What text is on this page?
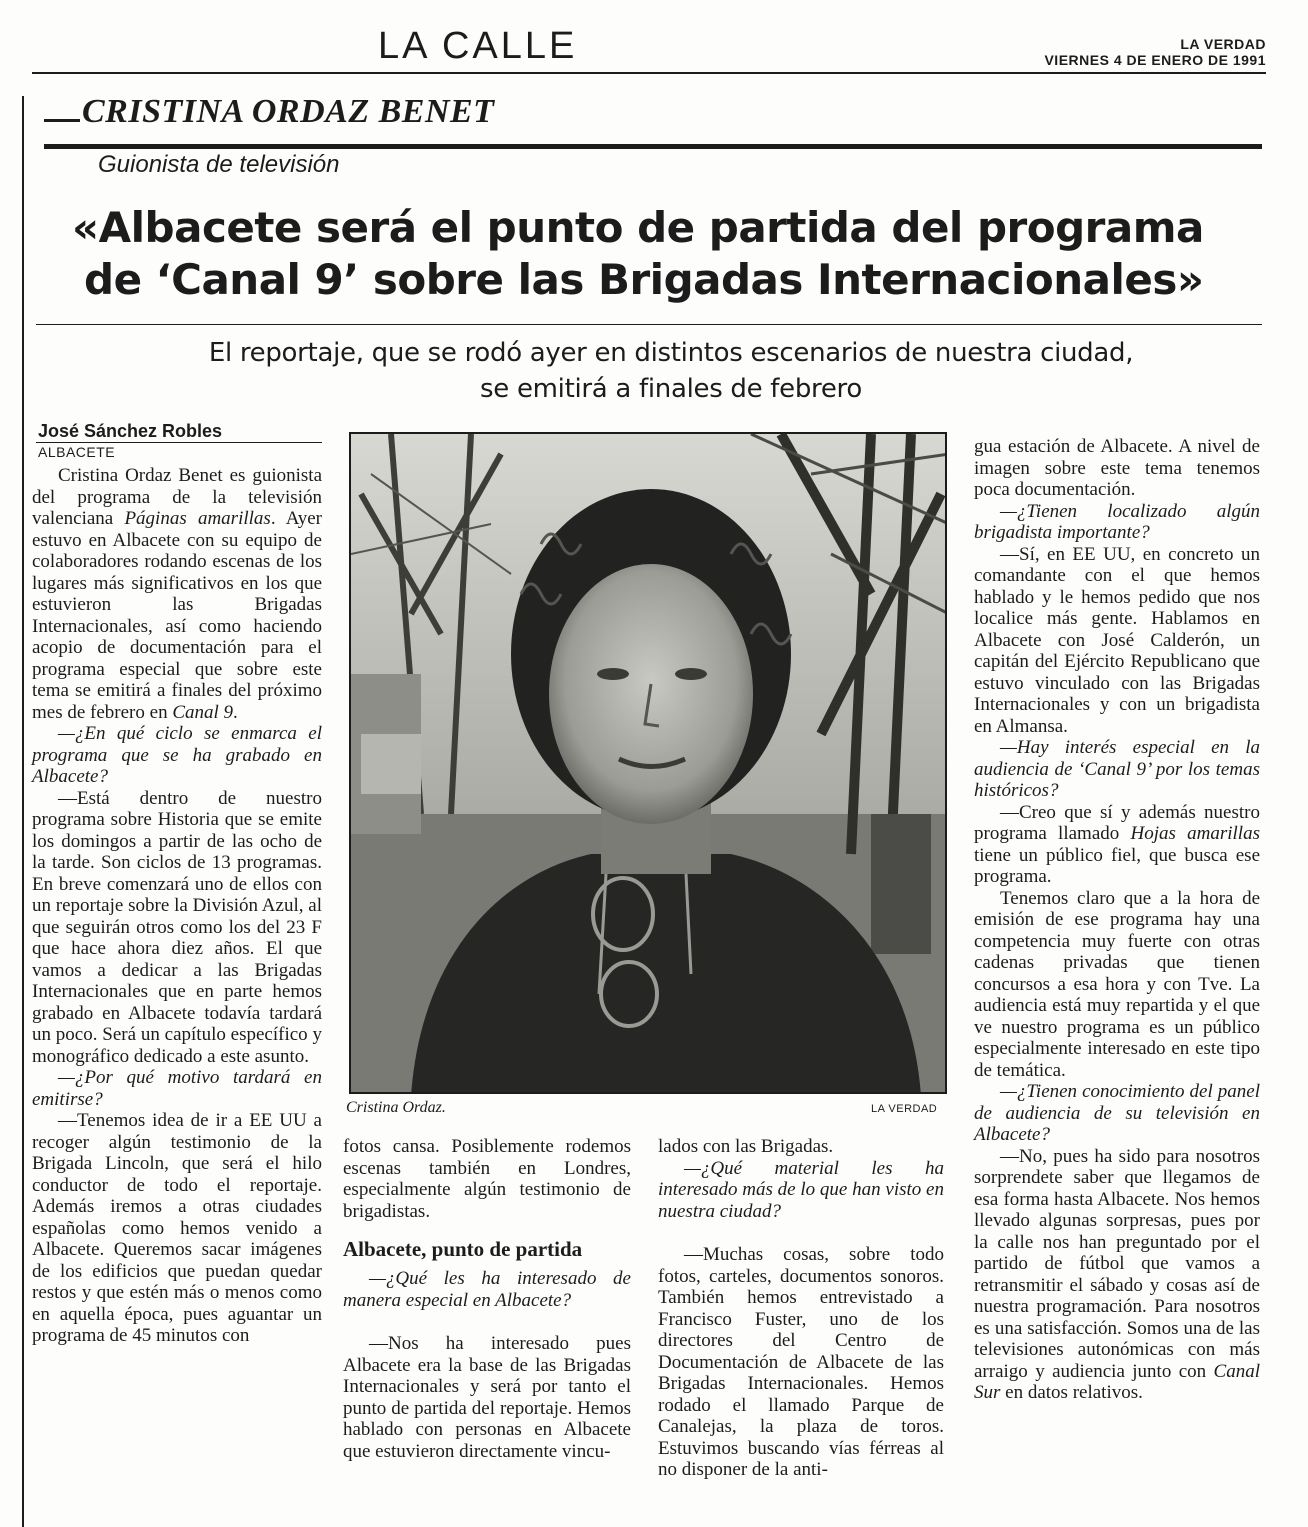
LA CALLE	LA VERDAD
VIERNES 4 DE ENERO DE 1991
CRISTINA ORDAZ BENET
Guionista de televisión
«Albacete será el punto de partida del programa
de ‘Canal 9’ sobre las Brigadas Internacionales»
El reportaje, que se rodó ayer en distintos escenarios de nuestra ciudad,
se emitirá a finales de febrero
José Sánchez Robles
ALBACETE

Cristina Ordaz Benet es guionista del programa de la televisión valenciana Páginas amarillas. Ayer estuvo en Albacete con su equipo de colaboradores rodando escenas de los lugares más significativos en los que estuvieron las Brigadas Internacionales, así como haciendo acopio de documentación para el programa especial que sobre este tema se emitirá a finales del próximo mes de febrero en Canal 9.

—¿En qué ciclo se enmarca el programa que se ha grabado en Albacete?

—Está dentro de nuestro programa sobre Historia que se emite los domingos a partir de las ocho de la tarde. Son ciclos de 13 programas. En breve comenzará uno de ellos con un reportaje sobre la División Azul, al que seguirán otros como los del 23 F que hace ahora diez años. El que vamos a dedicar a las Brigadas Internacionales que en parte hemos grabado en Albacete todavía tardará un poco. Será un capítulo específico y monográfico dedicado a este asunto.

—¿Por qué motivo tardará en emitirse?

—Tenemos idea de ir a EE UU a recoger algún testimonio de la Brigada Lincoln, que será el hilo conductor de todo el reportaje. Además iremos a otras ciudades españolas como hemos venido a Albacete. Queremos sacar imágenes de los edificios que puedan quedar restos y que estén más o menos como en aquella época, pues aguantar un programa de 45 minutos con

Cristina Ordaz.	LA VERDAD

fotos cansa. Posiblemente rodemos escenas también en Londres, especialmente algún testimonio de brigadistas.

Albacete, punto de partida

—¿Qué les ha interesado de manera especial en Albacete?

—Nos ha interesado pues Albacete era la base de las Brigadas Internacionales y será por tanto el punto de partida del reportaje. Hemos hablado con personas en Albacete que estuvieron directamente vincu-

lados con las Brigadas.

—¿Qué material les ha interesado más de lo que han visto en nuestra ciudad?

—Muchas cosas, sobre todo fotos, carteles, documentos sonoros. También hemos entrevistado a Francisco Fuster, uno de los directores del Centro de Documentación de Albacete de las Brigadas Internacionales. Hemos rodado el llamado Parque de Canalejas, la plaza de toros. Estuvimos buscando vías férreas al no disponer de la anti-

gua estación de Albacete. A nivel de imagen sobre este tema tenemos poca documentación.

—¿Tienen localizado algún brigadista importante?

—Sí, en EE UU, en concreto un comandante con el que hemos hablado y le hemos pedido que nos localice más gente. Hablamos en Albacete con José Calderón, un capitán del Ejército Republicano que estuvo vinculado con las Brigadas Internacionales y con un brigadista en Almansa.

—Hay interés especial en la audiencia de ‘Canal 9’ por los temas históricos?

—Creo que sí y además nuestro programa llamado Hojas amarillas tiene un público fiel, que busca ese programa.

Tenemos claro que a la hora de emisión de ese programa hay una competencia muy fuerte con otras cadenas privadas que tienen concursos a esa hora y con Tve. La audiencia está muy repartida y el que ve nuestro programa es un público especialmente interesado en este tipo de temática.

—¿Tienen conocimiento del panel de audiencia de su televisión en Albacete?

—No, pues ha sido para nosotros sorprendete saber que llegamos de esa forma hasta Albacete. Nos hemos llevado algunas sorpresas, pues por la calle nos han preguntado por el partido de fútbol que vamos a retransmitir el sábado y cosas así de nuestra programación. Para nosotros es una satisfacción. Somos una de las televisiones autonómicas con más arraigo y audiencia junto con Canal Sur en datos relativos.
